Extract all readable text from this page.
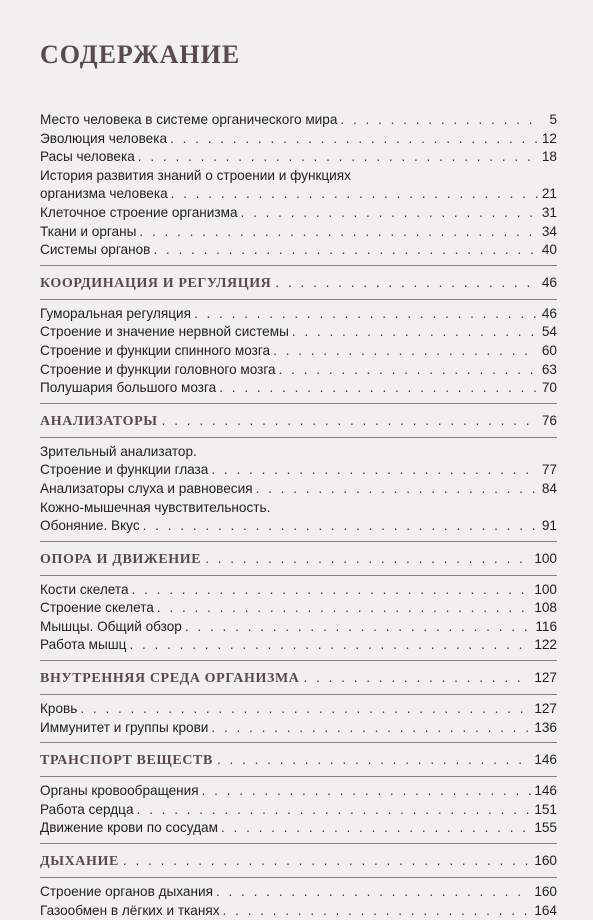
СОДЕРЖАНИЕ
Место человека в системе органического мира . . .	5
Эволюция человека . . .	12
Расы человека . . .	18
История развития знаний о строении и функциях
организма человека . . .	21
Клеточное строение организма . . .	31
Ткани и органы . . .	34
Системы органов . . .	40
КООРДИНАЦИЯ И РЕГУЛЯЦИЯ . . .	46
Гуморальная регуляция . . .	46
Строение и значение нервной системы . . .	54
Строение и функции спинного мозга . . .	60
Строение и функции головного мозга . . .	63
Полушария большого мозга . . .	70
АНАЛИЗАТОРЫ . . .	76
Зрительный анализатор.
Строение и функции глаза . . .	77
Анализаторы слуха и равновесия . . .	84
Кожно-мышечная чувствительность.
Обоняние. Вкус . . .	91
ОПОРА И ДВИЖЕНИЕ . . .	100
Кости скелета . . .	100
Строение скелета . . .	108
Мышцы. Общий обзор . . .	116
Работа мышц . . .	122
ВНУТРЕННЯЯ СРЕДА ОРГАНИЗМА . . .	127
Кровь . . .	127
Иммунитет и группы крови . . .	136
ТРАНСПОРТ ВЕЩЕСТВ . . .	146
Органы кровообращения . . .	146
Работа сердца . . .	151
Движение крови по сосудам . . .	155
ДЫХАНИЕ . . .	160
Строение органов дыхания . . .	160
Газообмен в лёгких и тканях . . .	164
